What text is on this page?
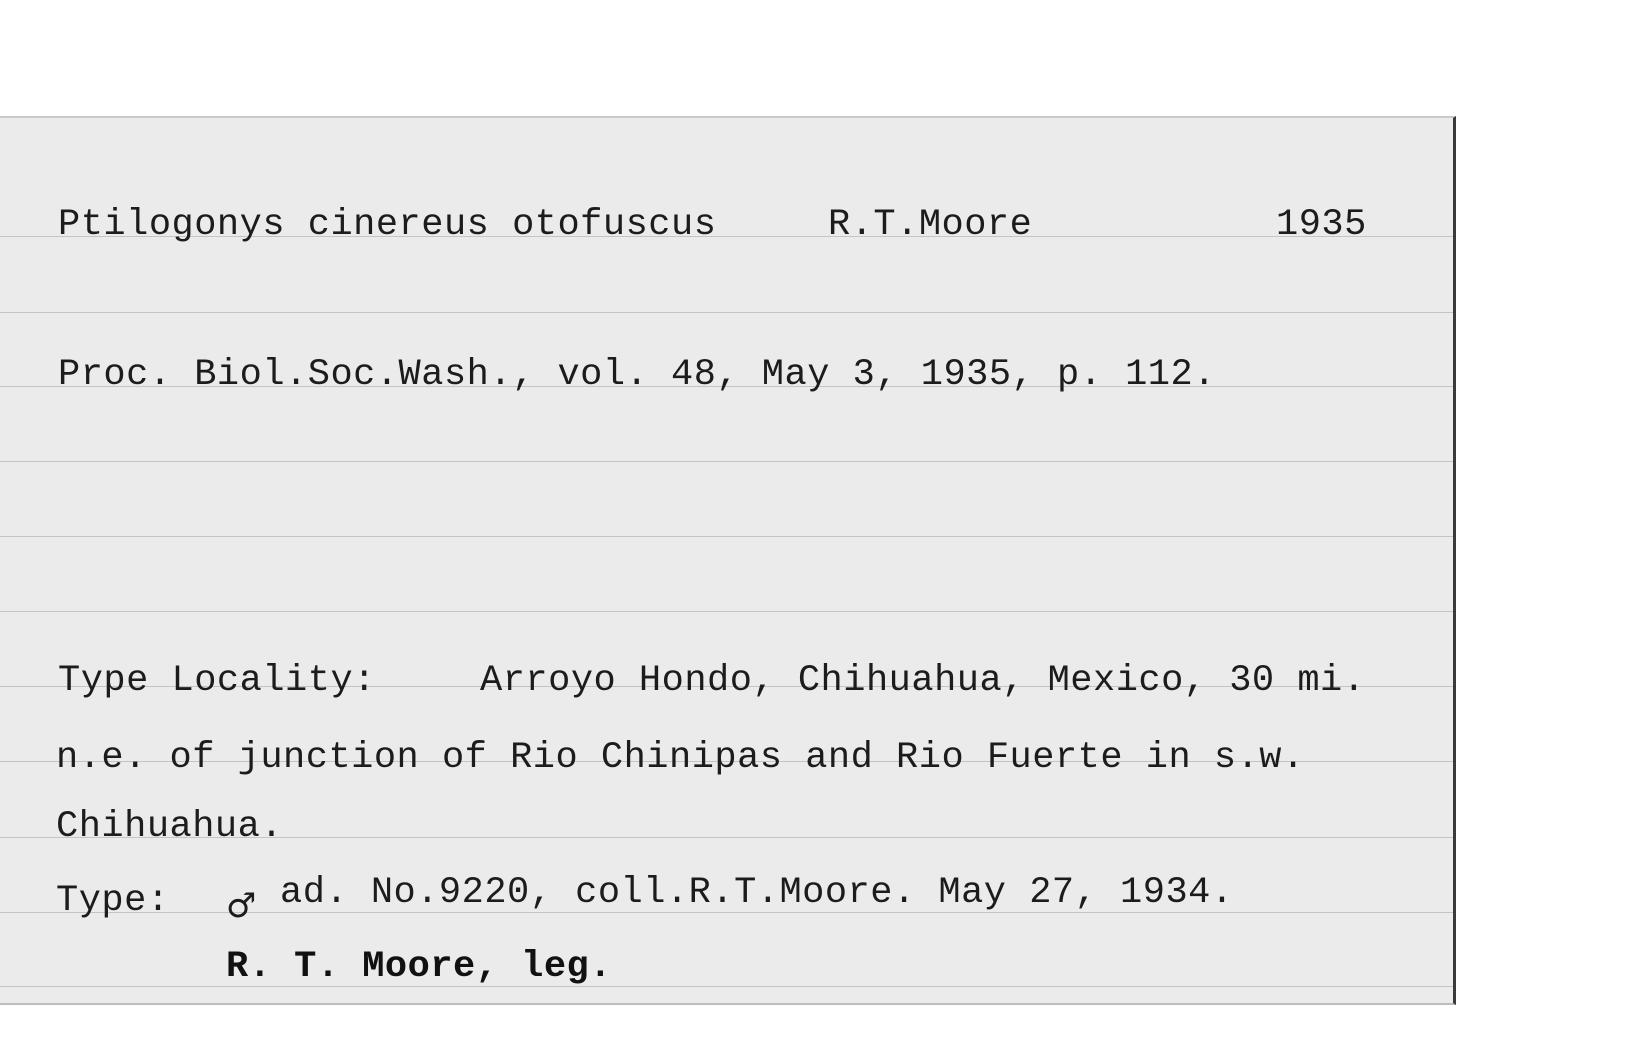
Ptilogonys cinereus otofuscus	R.T.Moore	1935
Proc. Biol.Soc.Wash., vol. 48, May 3, 1935, p. 112.
Type Locality:	Arroyo Hondo, Chihuahua, Mexico, 30 mi.
n.e. of junction of Rio Chinipas and Rio Fuerte in s.w.
Chihuahua.
Type: ♂ ad. No.9220, coll.R.T.Moore. May 27, 1934.
R. T. Moore, leg.
